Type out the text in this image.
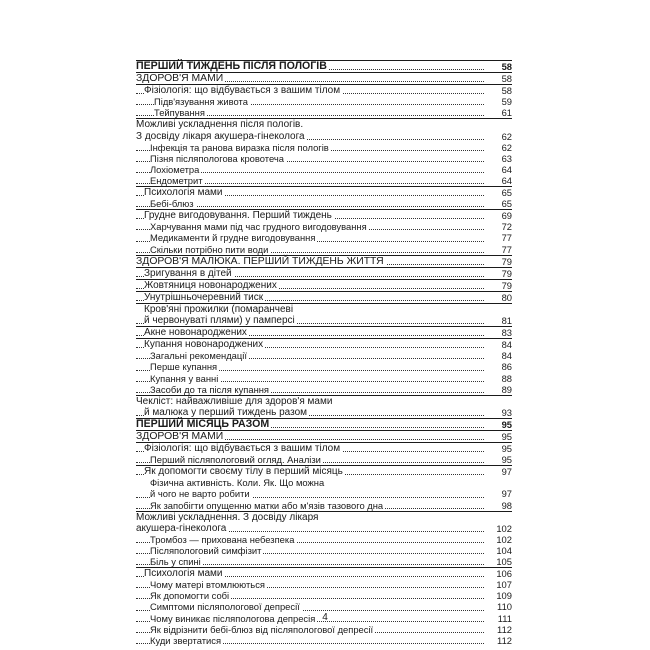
ПЕРШИЙ ТИЖДЕНЬ ПІСЛЯ ПОЛОГІВ	58
ЗДОРОВ'Я МАМИ	58
Фізіологія: що відбувається з вашим тілом	58
Підв'язування живота	59
Тейпування	61
Можливі ускладнення після пологів.
З досвіду лікаря акушера-гінеколога	62
Інфекція та ранова виразка після пологів	62
Пізня післяпологова кровотеча	63
Лохіометра	64
Ендометрит	64
Психологія мами	65
Бебі-блюз	65
Грудне вигодовування. Перший тиждень	69
Харчування мами під час грудного вигодовування	72
Медикаменти й грудне вигодовування	77
Скільки потрібно пити води	77
ЗДОРОВ'Я МАЛЮКА. ПЕРШИЙ ТИЖДЕНЬ ЖИТТЯ	79
Зригування в дітей	79
Жовтяниця новонароджених	79
Унутрішньочеревний тиск	80
Кров'яні прожилки (помаранчеві
й червонуваті плями) у памперсі	81
Акне новонароджених	83
Купання новонароджених	84
Загальні рекомендації	84
Перше купання	86
Купання у ванні	88
Засоби до та після купання	89
Чекліст: найважливіше для здоров'я мами
й малюка у перший тиждень разом	93
ПЕРШИЙ МІСЯЦЬ РАЗОМ	95
ЗДОРОВ'Я МАМИ	95
Фізіологія: що відбувається з вашим тілом	95
Перший післяпологовий огляд. Аналізи	95
Як допомогти своєму тілу в перший місяць	97
Фізична активність. Коли. Як. Що можна
й чого не варто робити	97
Як запобігти опущенню матки або м'язів тазового дна	98
Можливі ускладнення. З досвіду лікаря
акушера-гінеколога	102
Тромбоз — прихована небезпека	102
Післяпологовий симфізит	104
Біль у спині	105
Психологія мами	106
Чому матері втомлюються	107
Як допомогти собі	109
Симптоми післяпологової депресії	110
Чому виникає післяпологова депресія	111
Як відрізнити бебі-блюз від післяпологової депресії	112
Куди звертатися	112
4
